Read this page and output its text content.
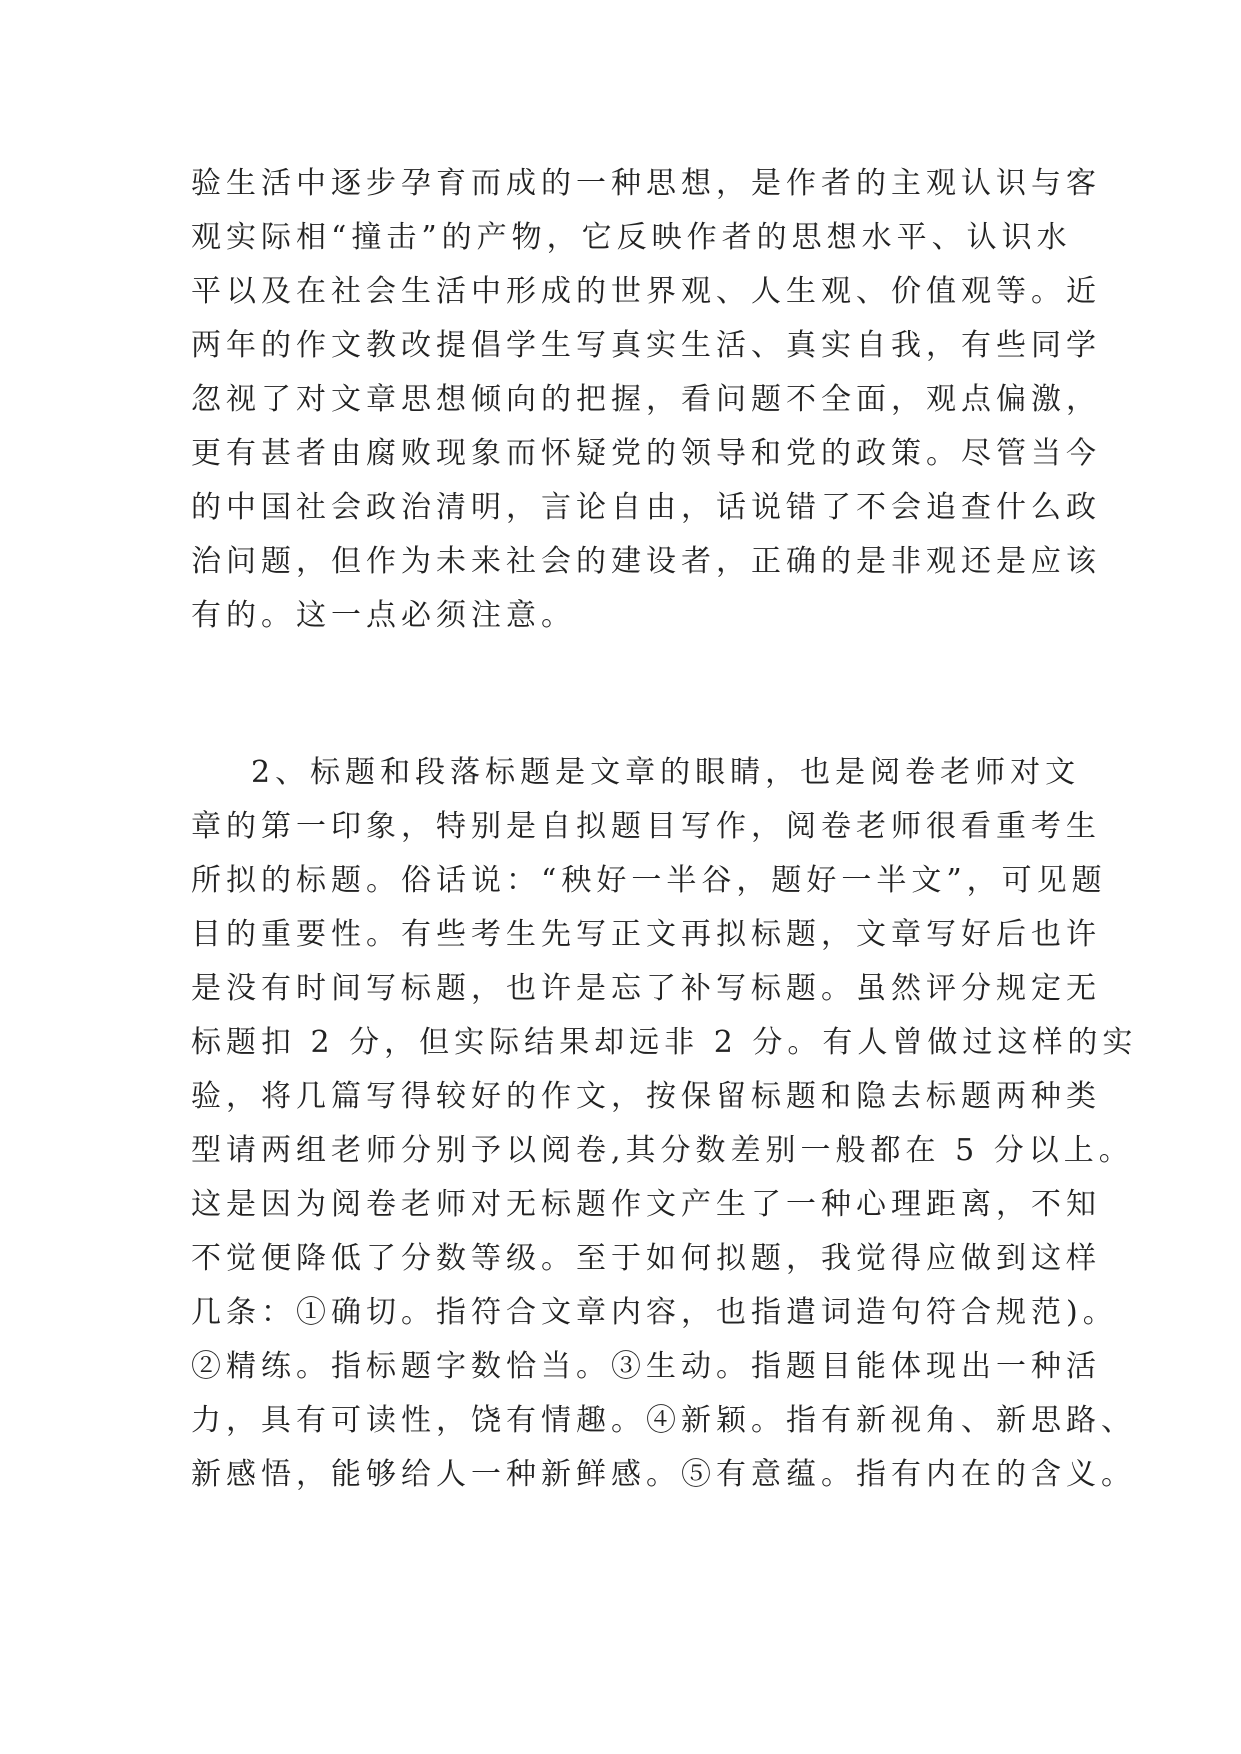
验生活中逐步孕育而成的一种思想，是作者的主观认识与客
观实际相“撞击”的产物，它反映作者的思想水平、认识水
平以及在社会生活中形成的世界观、人生观、价值观等。近
两年的作文教改提倡学生写真实生活、真实自我，有些同学
忽视了对文章思想倾向的把握，看问题不全面，观点偏激，
更有甚者由腐败现象而怀疑党的领导和党的政策。尽管当今
的中国社会政治清明，言论自由，话说错了不会追查什么政
治问题，但作为未来社会的建设者，正确的是非观还是应该
有的。这一点必须注意。
2、标题和段落标题是文章的眼睛，也是阅卷老师对文
章的第一印象，特别是自拟题目写作，阅卷老师很看重考生
所拟的标题。俗话说：“秧好一半谷，题好一半文”，可见题
目的重要性。有些考生先写正文再拟标题，文章写好后也许
是没有时间写标题，也许是忘了补写标题。虽然评分规定无
标题扣 2 分，但实际结果却远非 2 分。有人曾做过这样的实
验，将几篇写得较好的作文，按保留标题和隐去标题两种类
型请两组老师分别予以阅卷,其分数差别一般都在 5 分以上。
这是因为阅卷老师对无标题作文产生了一种心理距离，不知
不觉便降低了分数等级。至于如何拟题，我觉得应做到这样
几条：①确切。指符合文章内容，也指遣词造句符合规范)。
②精练。指标题字数恰当。③生动。指题目能体现出一种活
力，具有可读性，饶有情趣。④新颖。指有新视角、新思路、
新感悟，能够给人一种新鲜感。⑤有意蕴。指有内在的含义。
